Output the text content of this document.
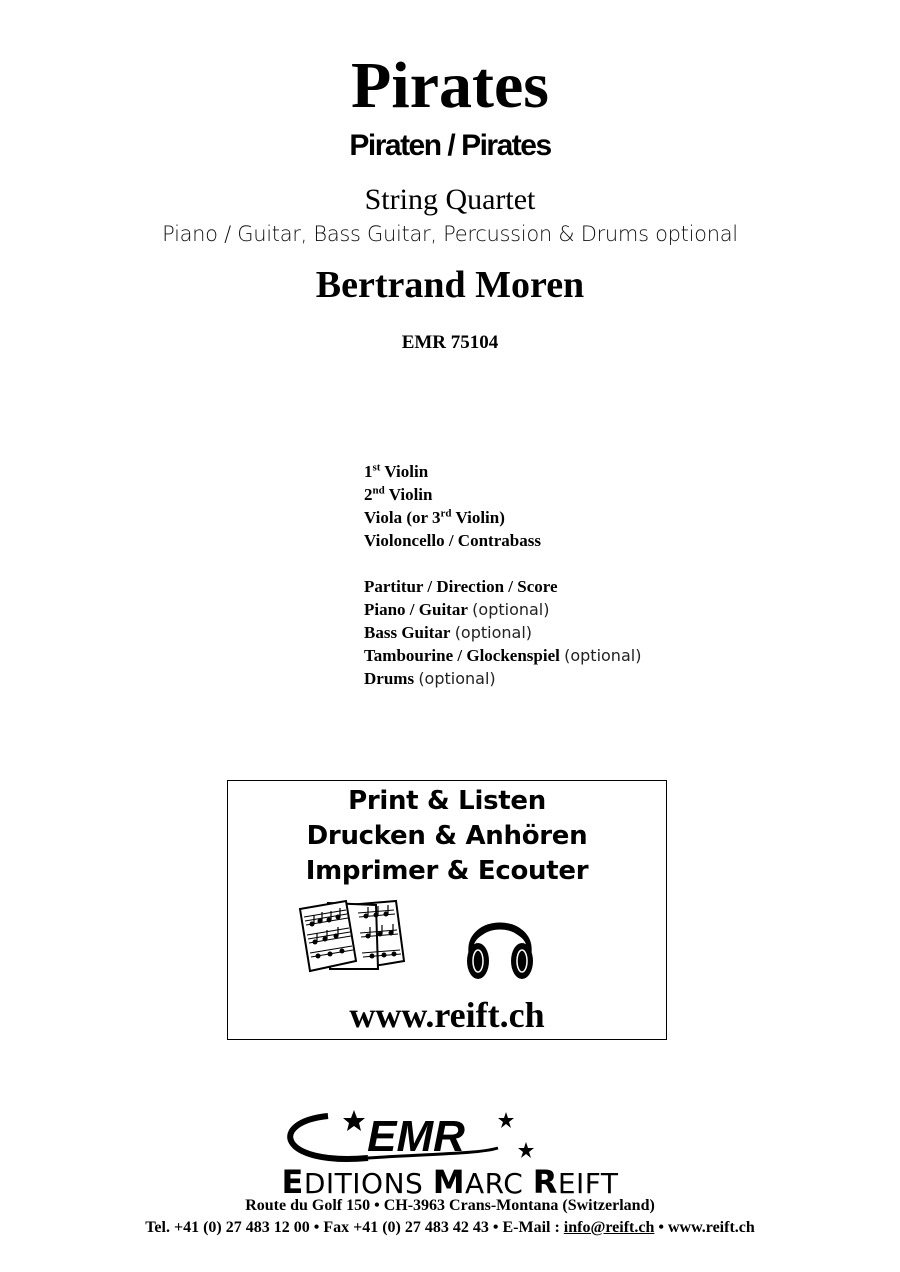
Pirates
Piraten / Pirates
String Quartet
Piano / Guitar, Bass Guitar, Percussion & Drums optional
Bertrand Moren
EMR 75104
1st Violin
2nd Violin
Viola (or 3rd Violin)
Violoncello / Contrabass
Partitur / Direction / Score
Piano / Guitar (optional)
Bass Guitar (optional)
Tambourine / Glockenspiel (optional)
Drums (optional)
Print & Listen
Drucken & Anhören
Imprimer & Ecouter
www.reift.ch
EMR
EDITIONS MARC REIFT
Route du Golf 150 • CH-3963 Crans-Montana (Switzerland)
Tel. +41 (0) 27 483 12 00 • Fax +41 (0) 27 483 42 43 • E-Mail : info@reift.ch • www.reift.ch
